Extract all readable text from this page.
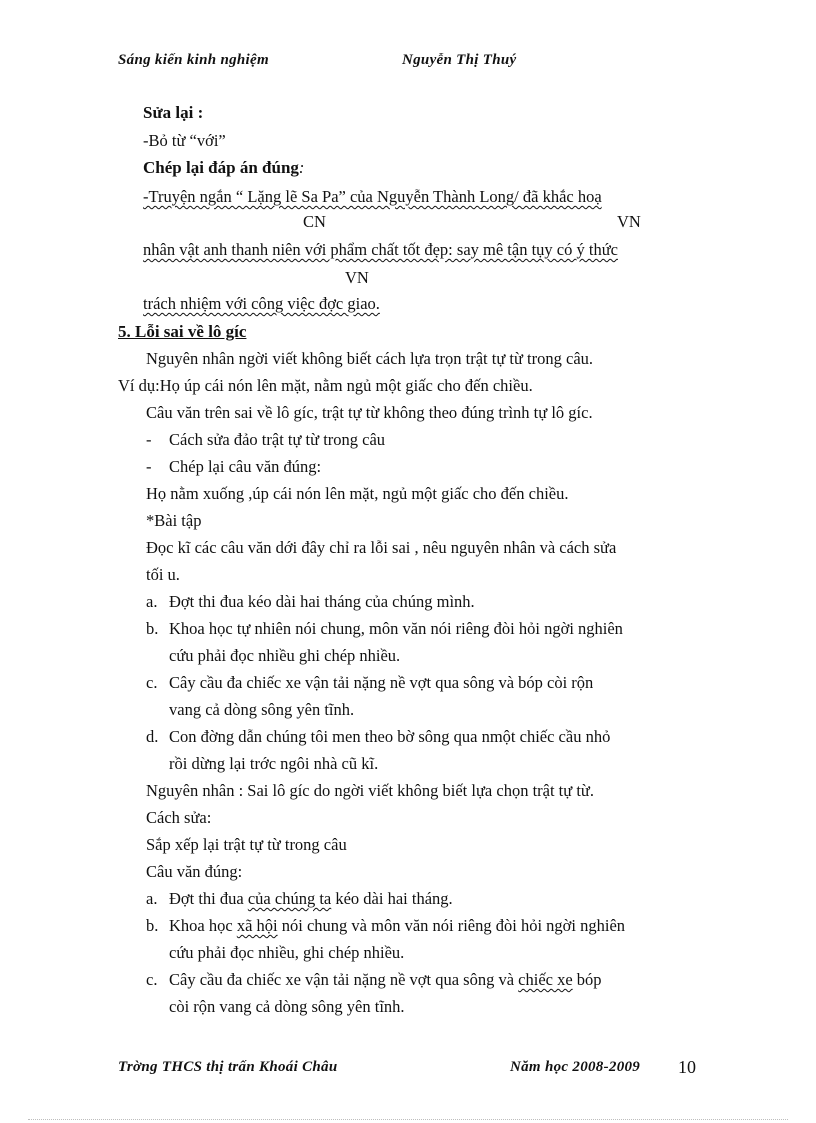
Sáng kiến kinh nghiệm	Nguyễn Thị Thuý
Sửa lại :
-Bỏ từ “với”
Chép lại đáp án đúng:
-Truyện ngắn “ Lặng lẽ Sa Pa” của Nguyễn Thành Long/ đã khắc hoạ
CN	VN
nhân vật anh thanh niên với phẩm chất tốt đẹp: say mê tận tụy có ý thức
VN
trách nhiệm với công việc đợc giao.
5. Lỗi sai về lô gíc
Nguyên nhân ngời viết không biết cách lựa trọn trật tự từ trong câu.
Ví dụ:Họ úp cái nón lên mặt, nằm ngủ một giấc cho đến chiều.
Câu văn trên sai về lô gíc, trật tự từ không theo đúng trình tự lô gíc.
- Cách sửa đảo trật tự từ trong câu
- Chép lại câu văn đúng:
Họ nằm xuống ,úp cái nón lên mặt, ngủ một giấc cho đến chiều.
*Bài tập
Đọc kĩ các câu văn dới đây chỉ ra lỗi sai , nêu nguyên nhân và cách sửa
tối u.
a. Đợt thi đua kéo dài hai tháng của chúng mình.
b. Khoa học tự nhiên nói chung, môn văn nói riêng đòi hỏi ngời nghiên
cứu phải đọc nhiều ghi chép nhiều.
c. Cây cầu đa chiếc xe vận tải nặng nề vợt qua sông và bóp còi rộn
vang cả dòng sông yên tĩnh.
d. Con đờng dẫn chúng tôi men theo bờ sông qua nmột chiếc cầu nhỏ
rồi dừng lại trớc ngôi nhà cũ kĩ.
Nguyên nhân : Sai lô gíc do ngời viết không biết lựa chọn trật tự từ.
Cách sửa:
Sắp xếp lại trật tự từ trong câu
Câu văn đúng:
a. Đợt thi đua của chúng ta kéo dài hai tháng.
b. Khoa học xã hội nói chung và môn văn nói riêng đòi hỏi ngời nghiên
cứu phải đọc nhiều, ghi chép nhiều.
c. Cây cầu đa chiếc xe vận tải nặng nề vợt qua sông và chiếc xe bóp
còi rộn vang cả dòng sông yên tĩnh.
Trờng THCS thị trấn Khoái Châu	Năm học 2008-2009 10
